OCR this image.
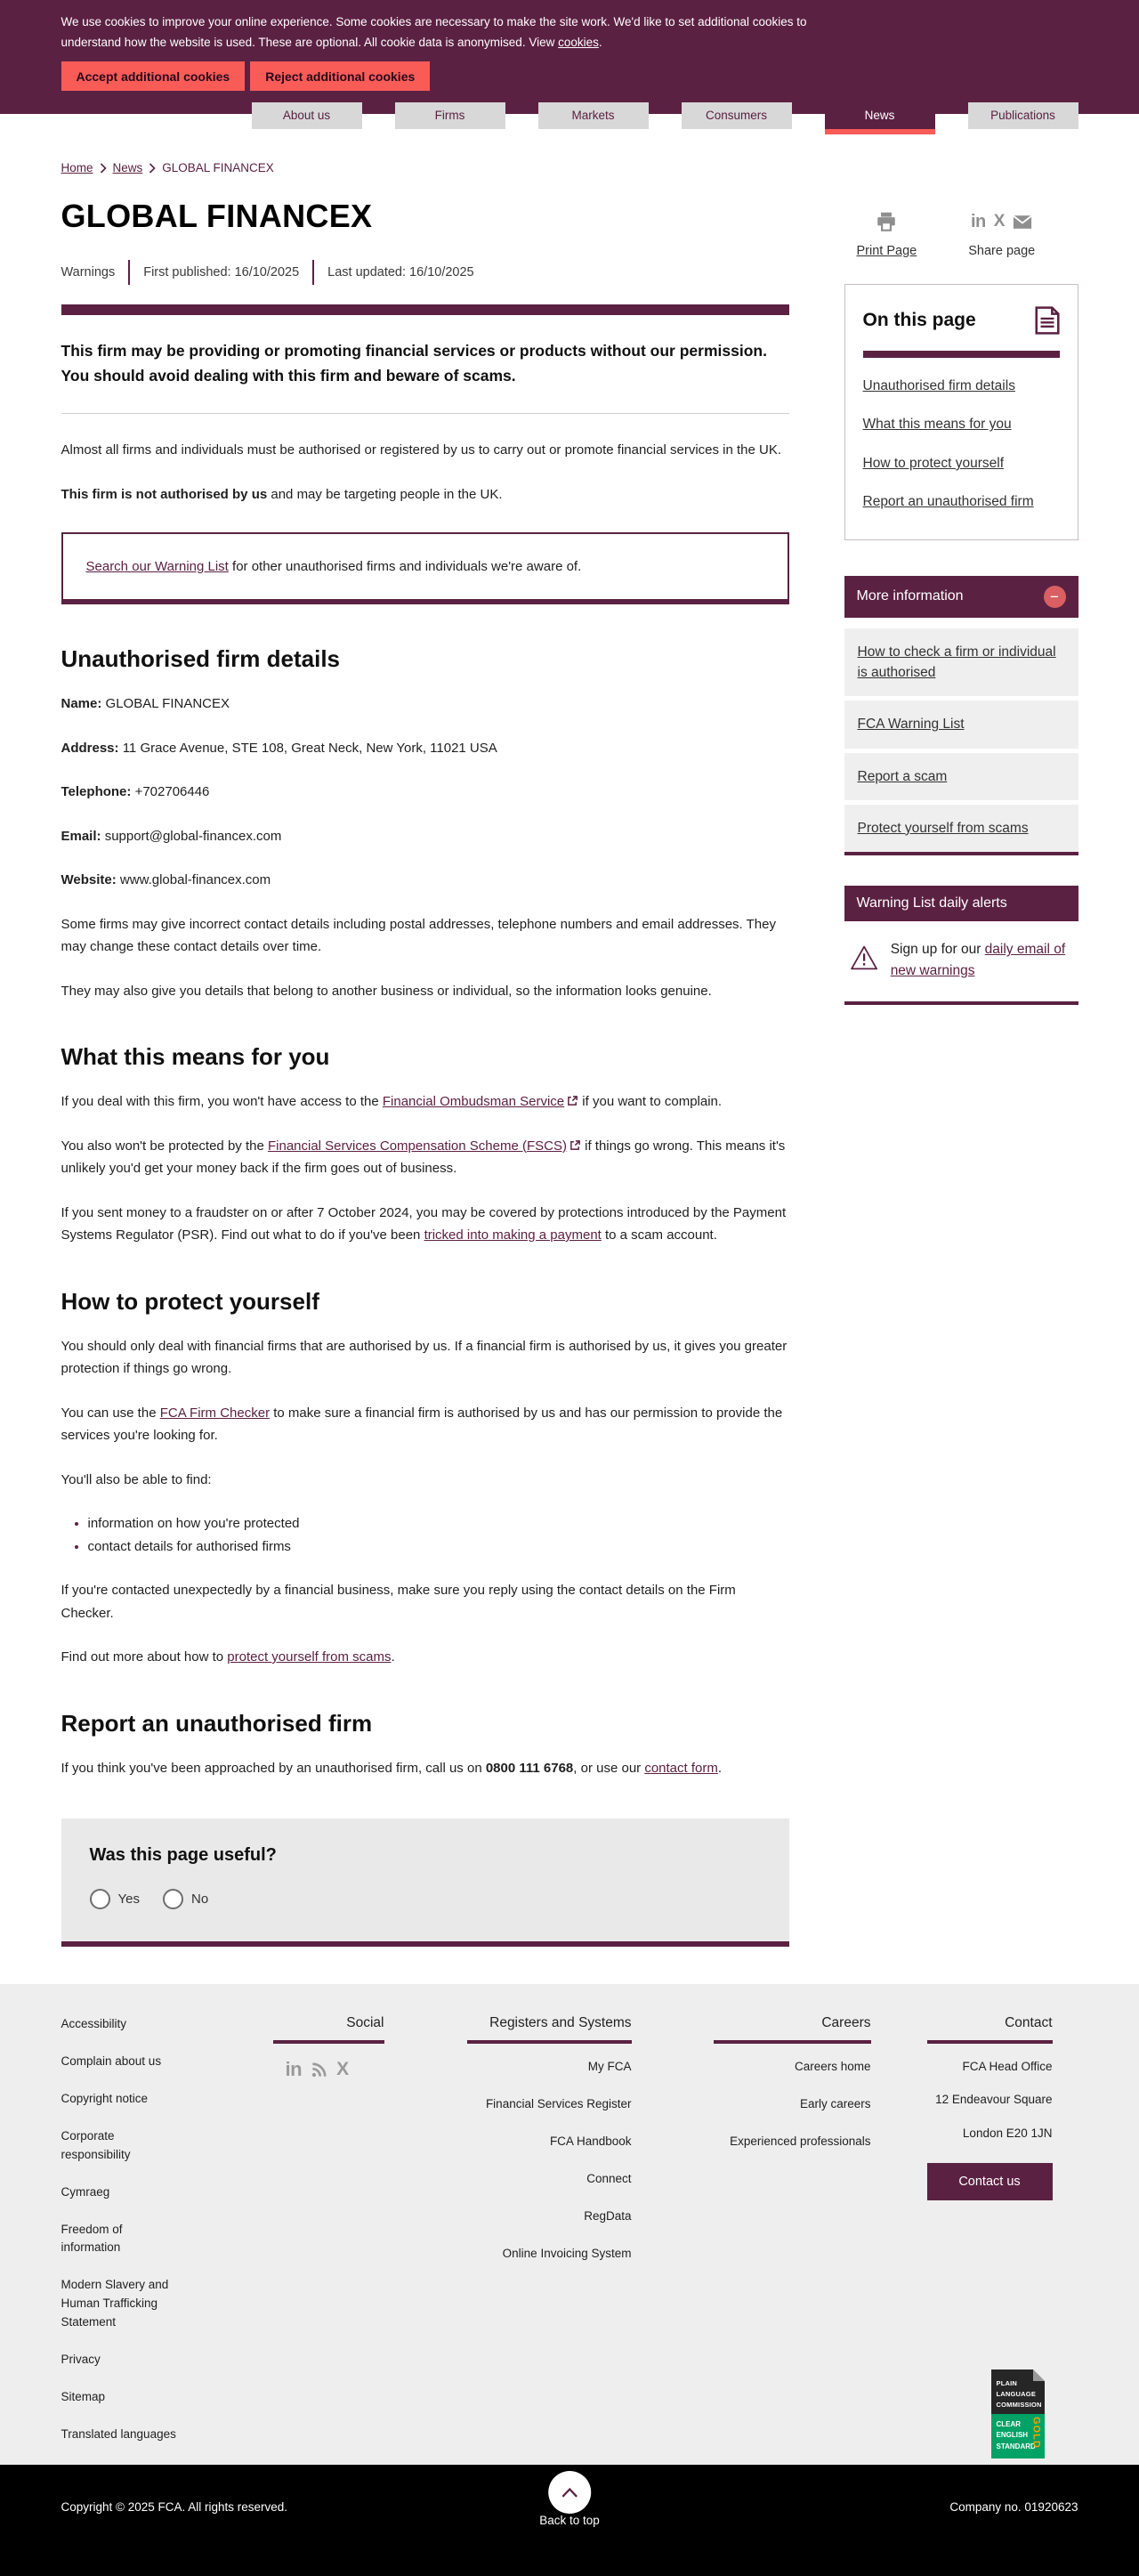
We use cookies to improve your online experience. Some cookies are necessary to make the site work. We'd like to set additional cookies to understand how the website is used. These are optional. All cookie data is anonymised. View cookies.

Accept additional cookies	Reject additional cookies
About us	Firms	Markets	Consumers	News	Publications
Home News GLOBAL FINANCEX
GLOBAL FINANCEX
Warnings First published: 16/10/2025 Last updated: 16/10/2025

This firm may be providing or promoting financial services or products without our permission. You should avoid dealing with this firm and beware of scams.

Almost all firms and individuals must be authorised or registered by us to carry out or promote financial services in the UK.

This firm is not authorised by us and may be targeting people in the UK.

Search our Warning List for other unauthorised firms and individuals we're aware of.

Unauthorised firm details

Name: GLOBAL FINANCEX

Address: 11 Grace Avenue, STE 108, Great Neck, New York, 11021 USA

Telephone: +702706446

Email: support@global-financex.com

Website: www.global-financex.com

Some firms may give incorrect contact details including postal addresses, telephone numbers and email addresses. They may change these contact details over time.

They may also give you details that belong to another business or individual, so the information looks genuine.

What this means for you

If you deal with this firm, you won't have access to the Financial Ombudsman Service if you want to complain.

You also won't be protected by the Financial Services Compensation Scheme (FSCS) if things go wrong. This means it's unlikely you'd get your money back if the firm goes out of business.

If you sent money to a fraudster on or after 7 October 2024, you may be covered by protections introduced by the Payment Systems Regulator (PSR). Find out what to do if you've been tricked into making a payment to a scam account.

How to protect yourself

You should only deal with financial firms that are authorised by us. If a financial firm is authorised by us, it gives you greater protection if things go wrong.

You can use the FCA Firm Checker to make sure a financial firm is authorised by us and has our permission to provide the services you're looking for.

You'll also be able to find:

• information on how you're protected
• contact details for authorised firms

If you're contacted unexpectedly by a financial business, make sure you reply using the contact details on the Firm Checker.

Find out more about how to protect yourself from scams.

Report an unauthorised firm

If you think you've been approached by an unauthorised firm, call us on 0800 111 6768, or use our contact form.

Was this page useful?
Yes	No
Print Page
in X
Share page
On this page
Unauthorised firm details
What this means for you
How to protect yourself
Report an unauthorised firm
More information	−
How to check a firm or individual is authorised
FCA Warning List
Report a scam
Protect yourself from scams
Warning List daily alerts

Sign up for our daily email of new warnings

Accessibility
Complain about us
Copyright notice
Corporate responsibility
Cymraeg
Freedom of information
Modern Slavery and Human Trafficking Statement
Privacy
Sitemap
Translated languages
Social
in X
Registers and Systems
My FCA
Financial Services Register
FCA Handbook
Connect
RegData
Online Invoicing System
Careers
Careers home
Early careers
Experienced professionals
Contact
FCA Head Office
12 Endeavour Square
London E20 1JN
Contact us
PLAIN
LANGUAGE
COMMISSION
GOLD
CLEAR
ENGLISH
STANDARD
Copyright © 2025 FCA. All rights reserved.	Company no. 01920623
Back to top
